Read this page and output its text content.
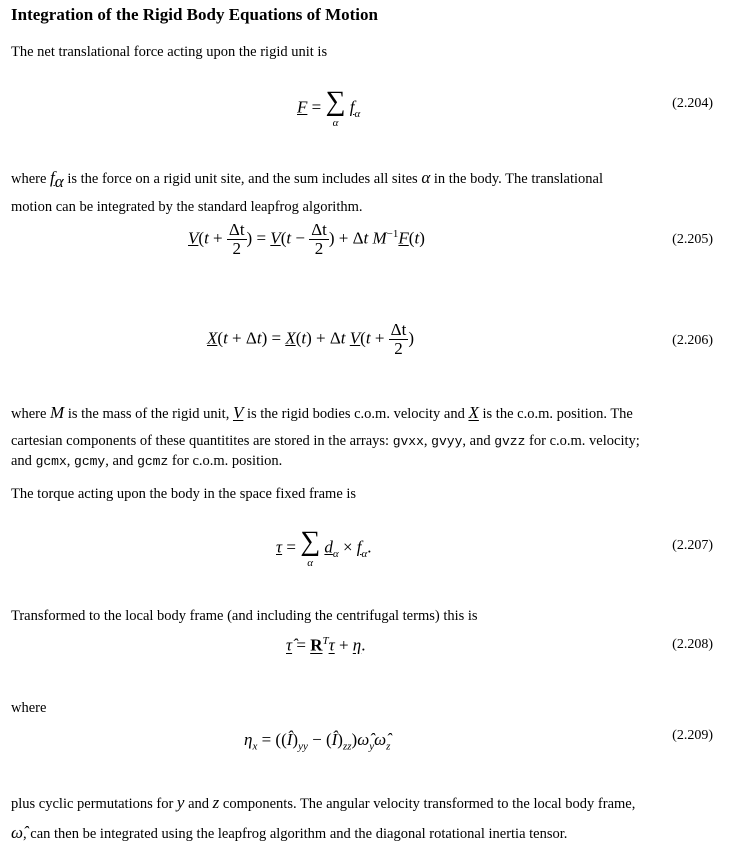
Integration of the Rigid Body Equations of Motion
The net translational force acting upon the rigid unit is
F = ∑
α
$f_\alpha$
(2.204)
where $f_\alpha$ is the force on a rigid unit site, and the sum includes all sites α in the body. The translational
motion can be integrated by the standard leapfrog algorithm.
$V(t + \frac{\Delta t}{2}$ ) = $V(t - \frac{\Delta t}{2}$ ) + Δt $M^{-1}F(t)$	(2.205)
X(t + Δt) = X(t) + Δt $V(t + \frac{\Delta t}{2}$ )	(2.206)
where M is the mass of the rigid unit, V is the rigid bodies c.o.m. velocity and X is the c.o.m. position. The
cartesian components of these quantitites are stored in the arrays: gvxx, gvyy, and gvzz for c.o.m. velocity;
and gcmx, gcmy, and gcmz for c.o.m. position.
The torque acting upon the body in the space fixed frame is
τ = ∑
α
$d_\alpha \times f_\alpha$.	(2.207)
Transformed to the local body frame (and including the centrifugal terms) this is
τ̂ = $R^T\tau + \eta$.	(2.208)
where
$\eta_x$ = ($(Î)_{yy}$ − $(Î)_{zz})\omegâ_y\omegâ_z$
(2.209)
plus cyclic permutations for y and z components. The angular velocity transformed to the local body frame,
ω̂, can then be integrated using the leapfrog algorithm and the diagonal rotational inertia tensor.
